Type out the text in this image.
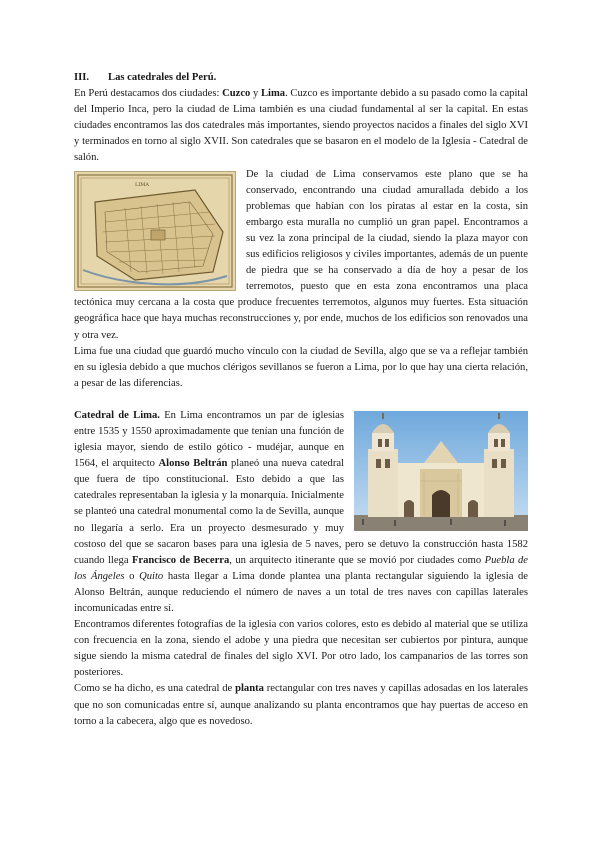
III. Las catedrales del Perú.

En Perú destacamos dos ciudades: Cuzco y Lima. Cuzco es importante debido a su pasado como la capital del Imperio Inca, pero la ciudad de Lima también es una ciudad fundamental al ser la capital. En estas ciudades encontramos las dos catedrales más importantes, siendo proyectos nacidos a finales del siglo XVI y terminados en torno al siglo XVII. Son catedrales que se basaron en el modelo de la Iglesia - Catedral de salón.

LIMA

De la ciudad de Lima conservamos este plano que se ha conservado, encontrando una ciudad amurallada debido a los problemas que habían con los piratas al estar en la costa, sin embargo esta muralla no cumplió un gran papel. Encontramos a su vez la zona principal de la ciudad, siendo la plaza mayor con sus edificios religiosos y civiles importantes, además de un puente de piedra que se ha conservado a día de hoy a pesar de los terremotos, puesto que en esta zona encontramos una placa tectónica muy cercana a la costa que produce frecuentes terremotos, algunos muy fuertes. Esta situación geográfica hace que haya muchas reconstrucciones y, por ende, muchos de los edificios son renovados una y otra vez.

Lima fue una ciudad que guardó mucho vínculo con la ciudad de Sevilla, algo que se va a reflejar también en su iglesia debido a que muchos clérigos sevillanos se fueron a Lima, por lo que hay una cierta relación, a pesar de las diferencias.

Catedral de Lima. En Lima encontramos un par de iglesias entre 1535 y 1550 aproximadamente que tenían una función de iglesia mayor, siendo de estilo gótico - mudéjar, aunque en 1564, el arquitecto Alonso Beltrán planeó una nueva catedral que fuera de tipo constitucional. Esto debido a que las catedrales representaban la iglesia y la monarquía. Inicialmente se planteó una catedral monumental como la de Sevilla, aunque no llegaría a serlo. Era un proyecto desmesurado y muy costoso del que se sacaron bases para una iglesia de 5 naves, pero se detuvo la construcción hasta 1582 cuando llega Francisco de Becerra, un arquitecto itinerante que se movió por ciudades como Puebla de los Ángeles o Quito hasta llegar a Lima donde plantea una planta rectangular siguiendo la iglesia de Alonso Beltrán, aunque reduciendo el número de naves a un total de tres naves con capillas laterales incomunicadas entre sí.

Encontramos diferentes fotografías de la iglesia con varios colores, esto es debido al material que se utiliza con frecuencia en la zona, siendo el adobe y una piedra que necesitan ser cubiertos por pintura, aunque sigue siendo la misma catedral de finales del siglo XVI. Por otro lado, los campanarios de las torres son posteriores.

Como se ha dicho, es una catedral de planta rectangular con tres naves y capillas adosadas en los laterales que no son comunicadas entre sí, aunque analizando su planta encontramos que hay puertas de acceso en torno a la cabecera, algo que es novedoso.
